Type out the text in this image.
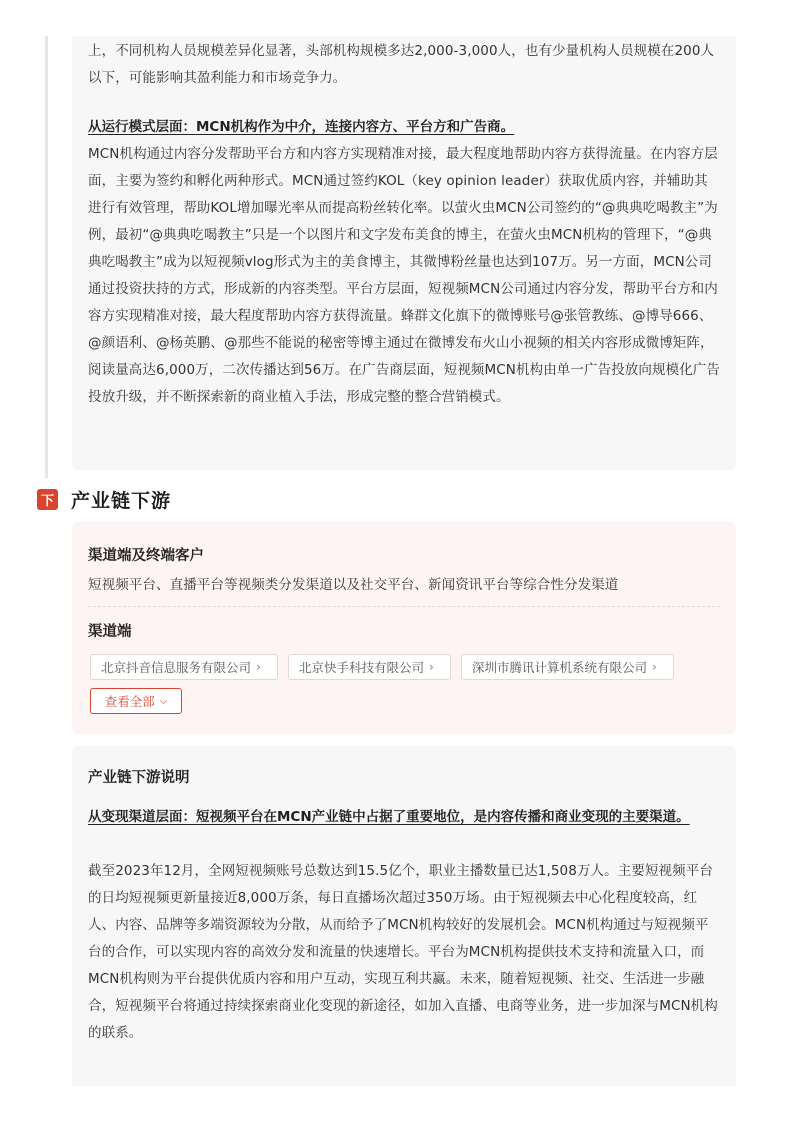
上，不同机构人员规模差异化显著，头部机构规模多达2,000-3,000人，也有少量机构人员规模在200人以下，可能影响其盈利能力和市场竞争力。

从运行模式层面：MCN机构作为中介，连接内容方、平台方和广告商。

MCN机构通过内容分发帮助平台方和内容方实现精准对接，最大程度地帮助内容方获得流量。在内容方层面，主要为签约和孵化两种形式。MCN通过签约KOL（key opinion leader）获取优质内容，并辅助其进行有效管理，帮助KOL增加曝光率从而提高粉丝转化率。以萤火虫MCN公司签约的“@典典吃喝教主”为例，最初“@典典吃喝教主”只是一个以图片和文字发布美食的博主，在萤火虫MCN机构的管理下，“@典典吃喝教主”成为以短视频vlog形式为主的美食博主，其微博粉丝量也达到107万。另一方面，MCN公司通过投资扶持的方式，形成新的内容类型。平台方层面，短视频MCN公司通过内容分发，帮助平台方和内容方实现精准对接，最大程度帮助内容方获得流量。蜂群文化旗下的微博账号@张管教练、@博导666、@颜语利、@杨英鹏、@那些不能说的秘密等博主通过在微博发布火山小视频的相关内容形成微博矩阵，阅读量高达6,000万，二次传播达到56万。在广告商层面，短视频MCN机构由单一广告投放向规模化广告投放升级，并不断探索新的商业植入手法，形成完整的整合营销模式。

下 产业链下游
渠道端及终端客户

短视频平台、直播平台等视频类分发渠道以及社交平台、新闻资讯平台等综合性分发渠道

渠道端
北京抖音信息服务有限公司 ›	北京快手科技有限公司 ›	深圳市腾讯计算机系统有限公司 ›
查看全部 ⌵
产业链下游说明

从变现渠道层面：短视频平台在MCN产业链中占据了重要地位，是内容传播和商业变现的主要渠道。

截至2023年12月，全网短视频账号总数达到15.5亿个，职业主播数量已达1,508万人。主要短视频平台的日均短视频更新量接近8,000万条，每日直播场次超过350万场。由于短视频去中心化程度较高，红人、内容、品牌等多端资源较为分散，从而给予了MCN机构较好的发展机会。MCN机构通过与短视频平台的合作，可以实现内容的高效分发和流量的快速增长。平台为MCN机构提供技术支持和流量入口，而MCN机构则为平台提供优质内容和用户互动，实现互利共赢。未来，随着短视频、社交、生活进一步融合，短视频平台将通过持续探索商业化变现的新途径，如加入直播、电商等业务，进一步加深与MCN机构的联系。
